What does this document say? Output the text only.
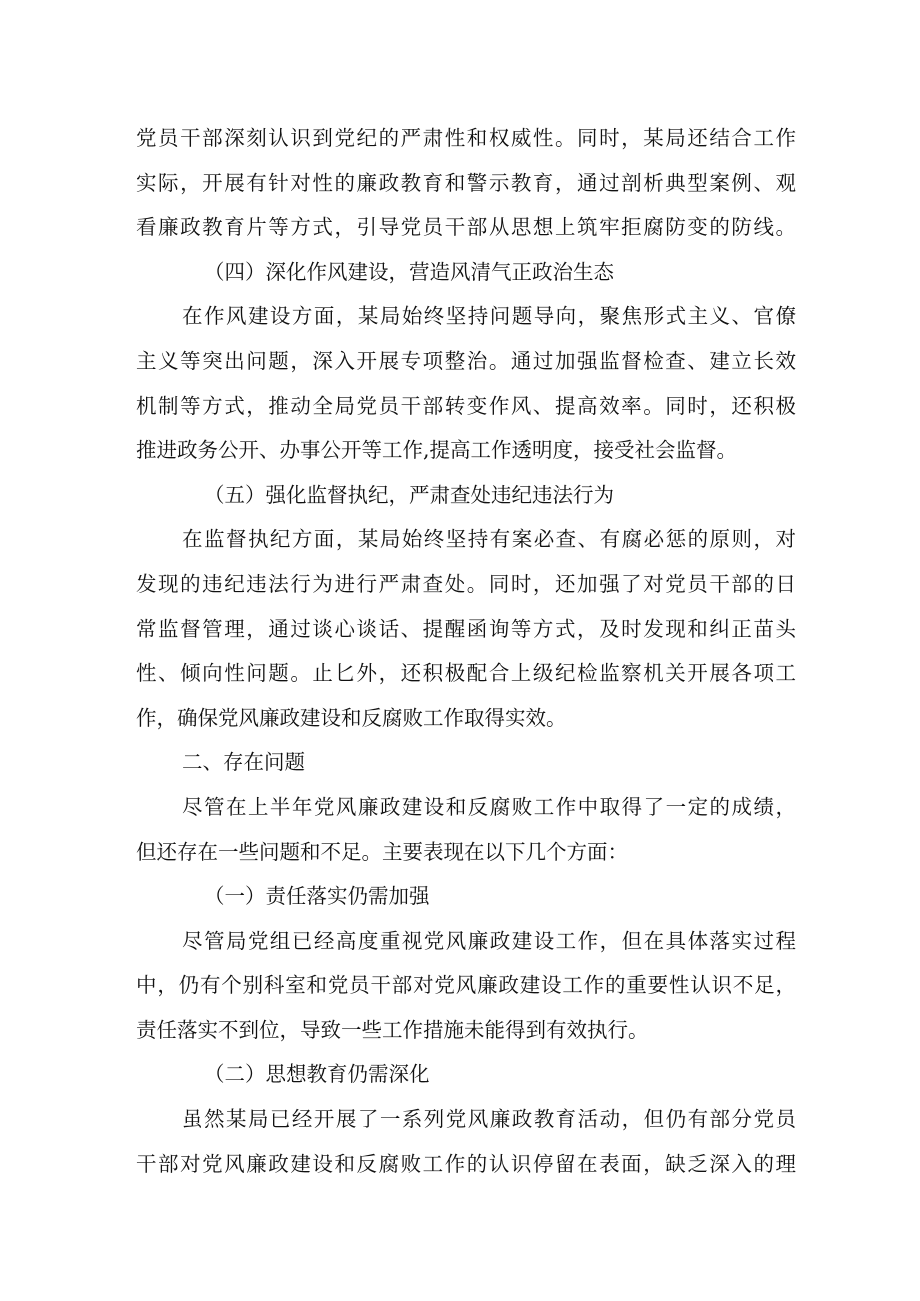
党员干部深刻认识到党纪的严肃性和权威性。同时，某局还结合工作
实际，开展有针对性的廉政教育和警示教育，通过剖析典型案例、观
看廉政教育片等方式，引导党员干部从思想上筑牢拒腐防变的防线。
（四）深化作风建设，营造风清气正政治生态
在作风建设方面，某局始终坚持问题导向，聚焦形式主义、官僚
主义等突出问题，深入开展专项整治。通过加强监督检查、建立长效
机制等方式，推动全局党员干部转变作风、提高效率。同时，还积极
推进政务公开、办事公开等工作,提高工作透明度，接受社会监督。
（五）强化监督执纪，严肃查处违纪违法行为
在监督执纪方面，某局始终坚持有案必查、有腐必惩的原则，对
发现的违纪违法行为进行严肃查处。同时，还加强了对党员干部的日
常监督管理，通过谈心谈话、提醒函询等方式，及时发现和纠正苗头
性、倾向性问题。止匕外，还积极配合上级纪检监察机关开展各项工
作，确保党风廉政建设和反腐败工作取得实效。
二、存在问题
尽管在上半年党风廉政建设和反腐败工作中取得了一定的成绩，
但还存在一些问题和不足。主要表现在以下几个方面：
（一）责任落实仍需加强
尽管局党组已经高度重视党风廉政建设工作，但在具体落实过程
中，仍有个别科室和党员干部对党风廉政建设工作的重要性认识不足，
责任落实不到位，导致一些工作措施未能得到有效执行。
（二）思想教育仍需深化
虽然某局已经开展了一系列党风廉政教育活动，但仍有部分党员
干部对党风廉政建设和反腐败工作的认识停留在表面，缺乏深入的理
